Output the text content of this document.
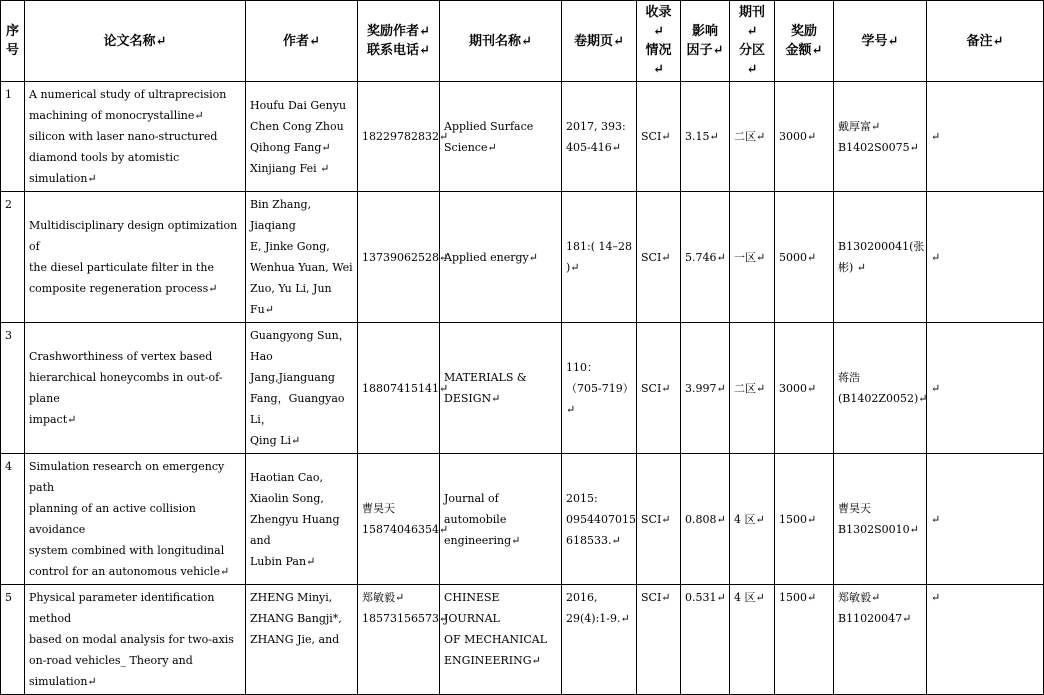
序
号	论文名称↵	作者↵	奖励作者↵
联系电话↵	期刊名称↵	卷期页↵	收录↵
情况↵	影响
因子↵	期刊↵
分区↵	奖励
金额↵	学号↵	备注↵
1	A numerical study of ultraprecision
machining of monocrystalline↵
silicon with laser nano-structured
diamond tools by atomistic
simulation↵	Houfu Dai Genyu
Chen Cong Zhou
Qihong Fang↵
Xinjiang Fei ↵	18229782832↵	Applied Surface
Science↵	2017, 393:
405-416↵	SCI↵	3.15↵	二区↵	3000↵	戴厚富↵
B1402S0075↵	↵
2	Multidisciplinary design optimization of
the diesel particulate filter in the
composite regeneration process↵	Bin Zhang, Jiaqiang
E, Jinke Gong,
Wenhua Yuan, Wei
Zuo, Yu Li, Jun Fu↵	13739062528↵	Applied energy↵	181:( 14–28
)↵	SCI↵	5.746↵	一区↵	5000↵	B130200041(张
彬) ↵	↵
3	Crashworthiness of vertex based
hierarchical honeycombs in out-of-plane
impact↵	Guangyong Sun，
Hao Jang,Jianguang
Fang，Guangyao Li，
Qing Li↵	18807415141↵	MATERIALS &
DESIGN↵	110：
（705-719）↵	SCI↵	3.997↵	二区↵	3000↵	蒋浩
(B1402Z0052)↵	↵
4	Simulation research on emergency path
planning of an active collision avoidance
system combined with longitudinal
control for an autonomous vehicle↵	Haotian Cao,
Xiaolin Song,
Zhengyu Huang and
Lubin Pan↵	曹昊天
15874046354↵	Journal of automobile
engineering↵	2015:
0954407015
618533.↵	SCI↵	0.808↵	4 区↵	1500↵	曹昊天
B1302S0010↵	↵
5	Physical parameter identification method
based on modal analysis for two-axis
on-road vehicles_ Theory and simulation↵	ZHENG Minyi,
ZHANG Bangji*,
ZHANG Jie, and	郑敏毅↵
18573156573↵	CHINESE JOURNAL
OF MECHANICAL
ENGINEERING↵	2016,
29(4):1-9.↵	SCI↵	0.531↵	4 区↵	1500↵	郑敏毅↵
B11020047↵	↵
